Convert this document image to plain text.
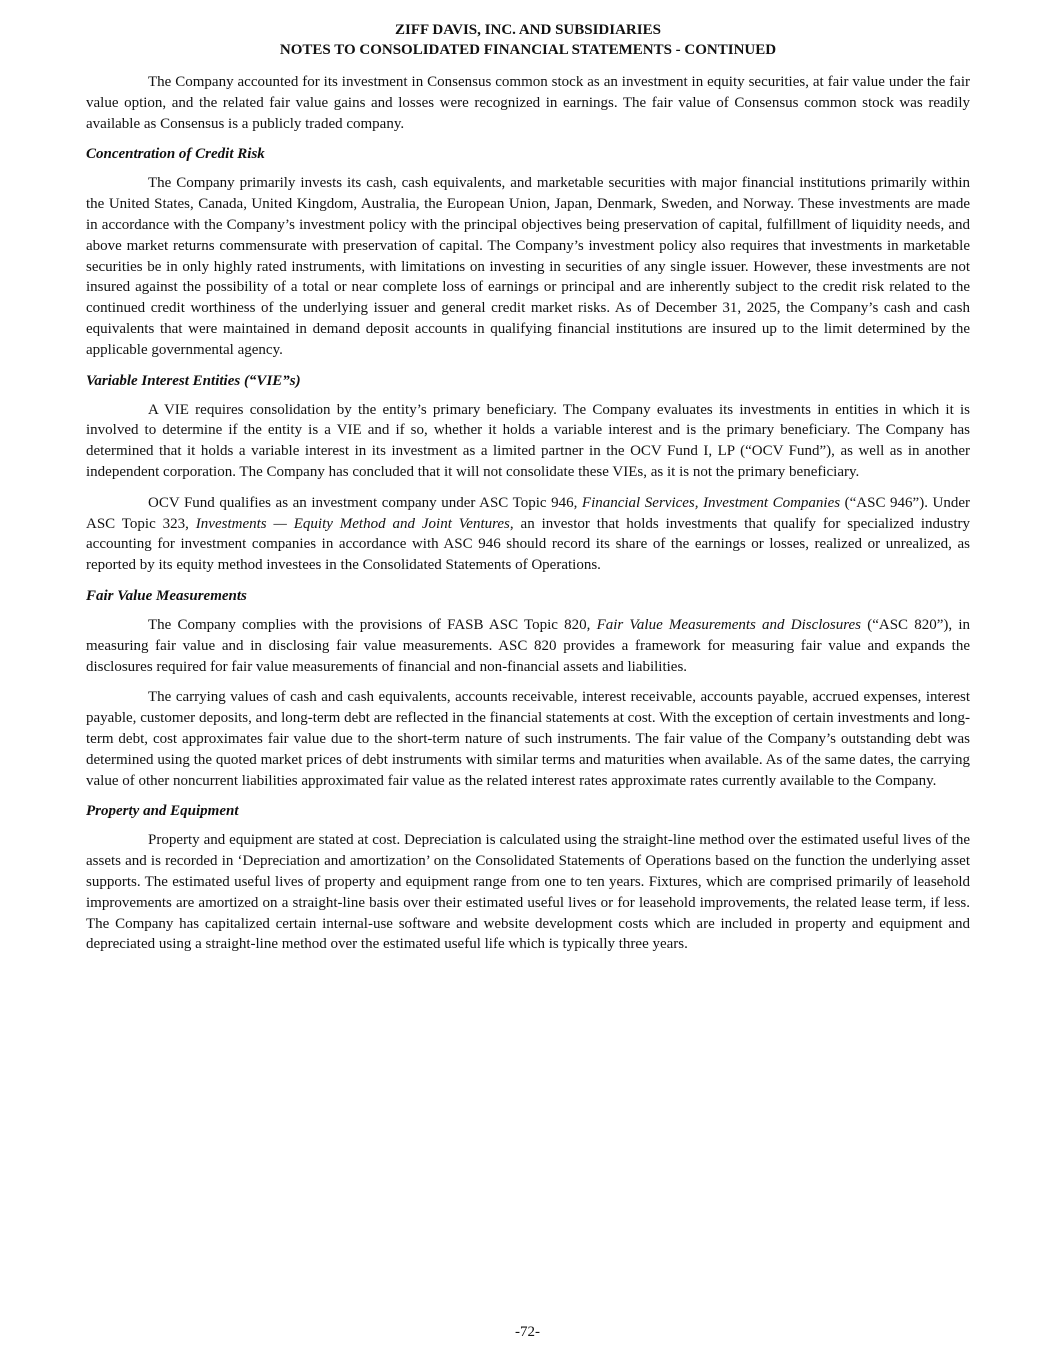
ZIFF DAVIS, INC. AND SUBSIDIARIES

NOTES TO CONSOLIDATED FINANCIAL STATEMENTS - CONTINUED

The Company accounted for its investment in Consensus common stock as an investment in equity securities, at fair value under the fair value option, and the related fair value gains and losses were recognized in earnings. The fair value of Consensus common stock was readily available as Consensus is a publicly traded company.

Concentration of Credit Risk

The Company primarily invests its cash, cash equivalents, and marketable securities with major financial institutions primarily within the United States, Canada, United Kingdom, Australia, the European Union, Japan, Denmark, Sweden, and Norway. These investments are made in accordance with the Company’s investment policy with the principal objectives being preservation of capital, fulfillment of liquidity needs, and above market returns commensurate with preservation of capital. The Company’s investment policy also requires that investments in marketable securities be in only highly rated instruments, with limitations on investing in securities of any single issuer. However, these investments are not insured against the possibility of a total or near complete loss of earnings or principal and are inherently subject to the credit risk related to the continued credit worthiness of the underlying issuer and general credit market risks. As of December 31, 2025, the Company’s cash and cash equivalents that were maintained in demand deposit accounts in qualifying financial institutions are insured up to the limit determined by the applicable governmental agency.

Variable Interest Entities (“VIE”s)

A VIE requires consolidation by the entity’s primary beneficiary. The Company evaluates its investments in entities in which it is involved to determine if the entity is a VIE and if so, whether it holds a variable interest and is the primary beneficiary. The Company has determined that it holds a variable interest in its investment as a limited partner in the OCV Fund I, LP (“OCV Fund”), as well as in another independent corporation. The Company has concluded that it will not consolidate these VIEs, as it is not the primary beneficiary.

OCV Fund qualifies as an investment company under ASC Topic 946, Financial Services, Investment Companies (“ASC 946”). Under ASC Topic 323, Investments — Equity Method and Joint Ventures, an investor that holds investments that qualify for specialized industry accounting for investment companies in accordance with ASC 946 should record its share of the earnings or losses, realized or unrealized, as reported by its equity method investees in the Consolidated Statements of Operations.

Fair Value Measurements

The Company complies with the provisions of FASB ASC Topic 820, Fair Value Measurements and Disclosures (“ASC 820”), in measuring fair value and in disclosing fair value measurements. ASC 820 provides a framework for measuring fair value and expands the disclosures required for fair value measurements of financial and non-financial assets and liabilities.

The carrying values of cash and cash equivalents, accounts receivable, interest receivable, accounts payable, accrued expenses, interest payable, customer deposits, and long-term debt are reflected in the financial statements at cost. With the exception of certain investments and long-term debt, cost approximates fair value due to the short-term nature of such instruments. The fair value of the Company’s outstanding debt was determined using the quoted market prices of debt instruments with similar terms and maturities when available. As of the same dates, the carrying value of other noncurrent liabilities approximated fair value as the related interest rates approximate rates currently available to the Company.

Property and Equipment

Property and equipment are stated at cost. Depreciation is calculated using the straight-line method over the estimated useful lives of the assets and is recorded in ‘Depreciation and amortization’ on the Consolidated Statements of Operations based on the function the underlying asset supports. The estimated useful lives of property and equipment range from one to ten years. Fixtures, which are comprised primarily of leasehold improvements are amortized on a straight-line basis over their estimated useful lives or for leasehold improvements, the related lease term, if less. The Company has capitalized certain internal-use software and website development costs which are included in property and equipment and depreciated using a straight-line method over the estimated useful life which is typically three years.

-72-
